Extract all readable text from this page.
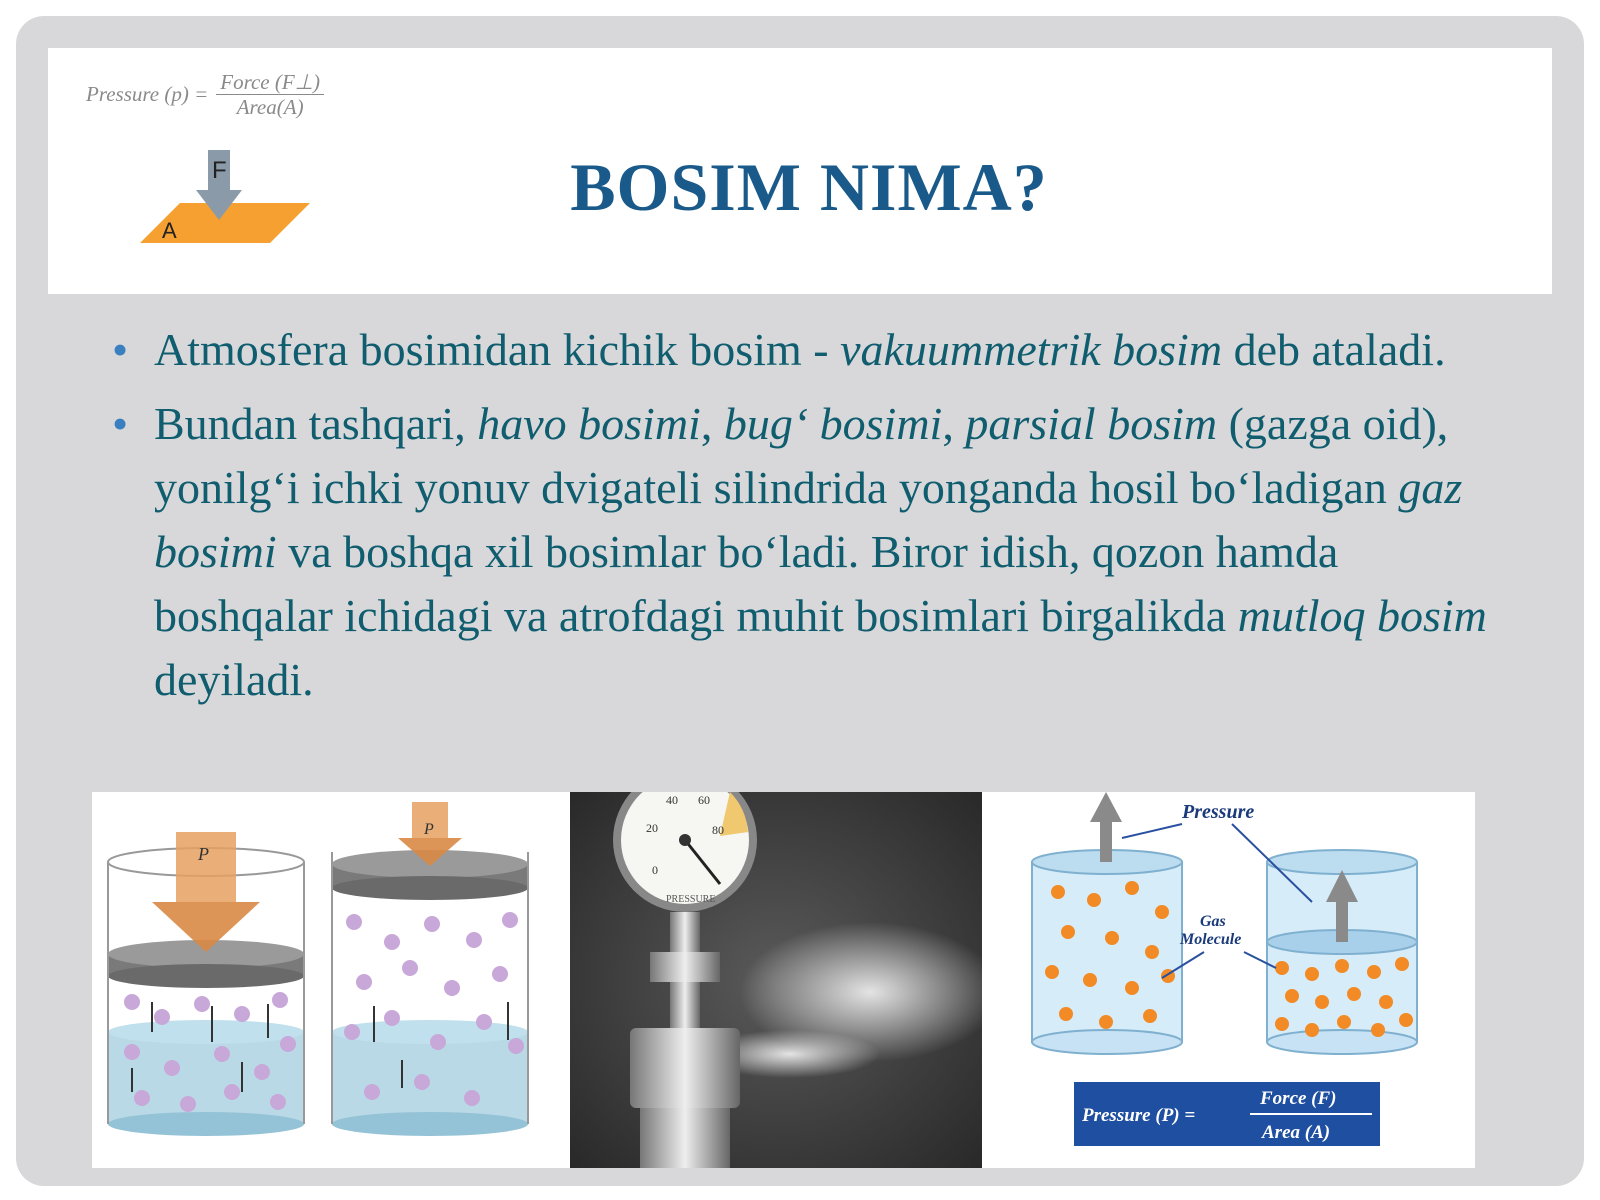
Pressure $(p) = \frac{\text{Force (F⊥)}}{\text{Area(A)}}$
F
A
BOSIM NIMA?
• Atmosfera bosimidan kichik bosim - vakuummetrik bosim deb ataladi.
• Bundan tashqari, havo bosimi, bug‘ bosimi, parsial bosim (gazga oid), yonilg‘i ichki yonuv dvigateli silindrida yonganda hosil bo‘ladigan gaz bosimi va boshqa xil bosimlar bo‘ladi. Biror idish, qozon hamda boshqalar ichidagi va atrofdagi muhit bosimlari birgalikda mutloq bosim deyiladi.
P
P	20
40 60
80
0
PRESSURE
Pressure
Gas
Molecule
Pressure (P) =
Force (F)
Area (A)
